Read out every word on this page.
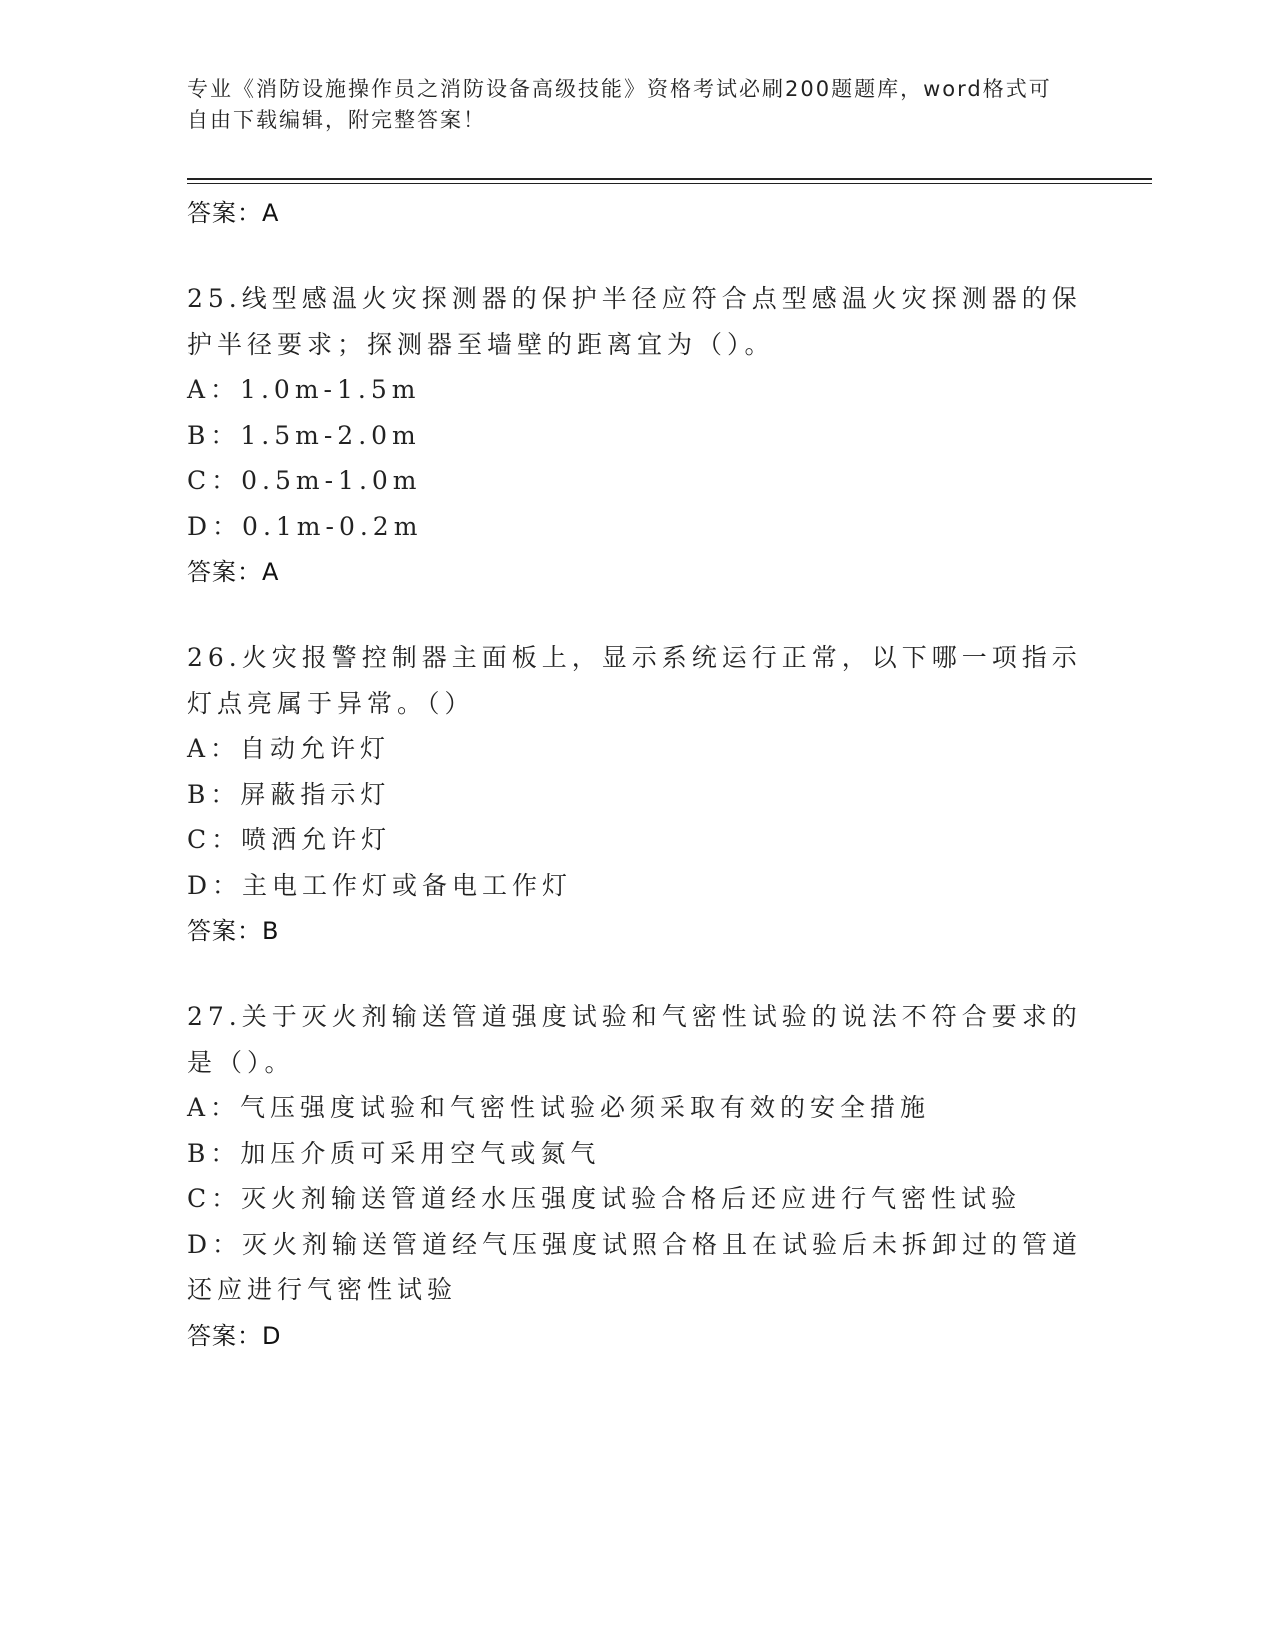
专业《消防设施操作员之消防设备高级技能》资格考试必刷200题题库，word格式可自由下载编辑，附完整答案！
答案：A
25.线型感温火灾探测器的保护半径应符合点型感温火灾探测器的保护半径要求；探测器至墙壁的距离宜为（）。
A：1.0m-1.5m
B：1.5m-2.0m
C：0.5m-1.0m
D：0.1m-0.2m
答案：A
26.火灾报警控制器主面板上，显示系统运行正常，以下哪一项指示灯点亮属于异常。（）
A：自动允许灯
B：屏蔽指示灯
C：喷洒允许灯
D：主电工作灯或备电工作灯
答案：B
27.关于灭火剂输送管道强度试验和气密性试验的说法不符合要求的是（）。
A：气压强度试验和气密性试验必须采取有效的安全措施
B：加压介质可采用空气或氮气
C：灭火剂输送管道经水压强度试验合格后还应进行气密性试验
D：灭火剂输送管道经气压强度试照合格且在试验后未拆卸过的管道还应进行气密性试验
答案：D
